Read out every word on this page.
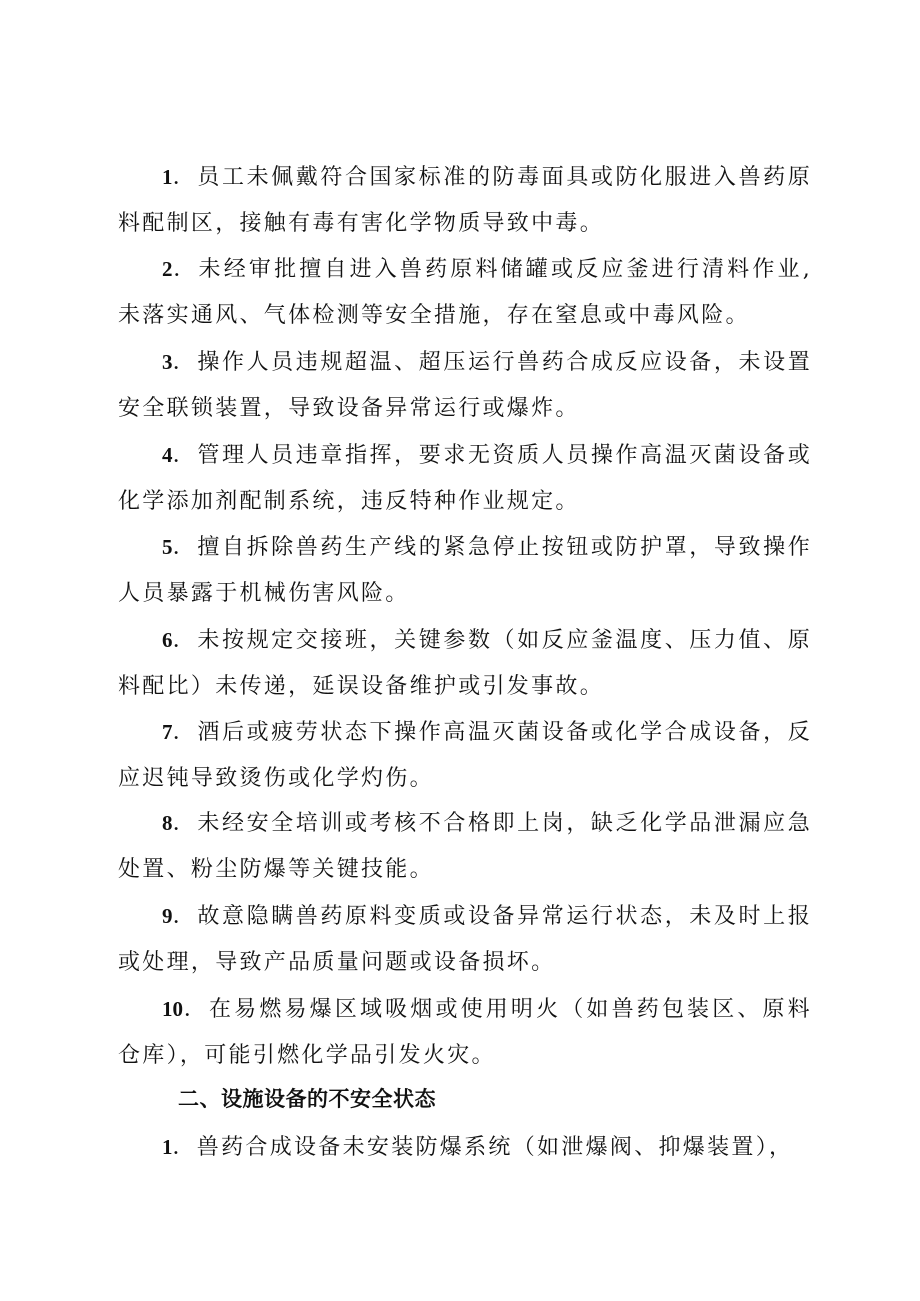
1．员工未佩戴符合国家标准的防毒面具或防化服进入兽药原料配制区，接触有毒有害化学物质导致中毒。

2．未经审批擅自进入兽药原料储罐或反应釜进行清料作业,未落实通风、气体检测等安全措施，存在窒息或中毒风险。

3．操作人员违规超温、超压运行兽药合成反应设备，未设置安全联锁装置，导致设备异常运行或爆炸。

4．管理人员违章指挥，要求无资质人员操作高温灭菌设备或化学添加剂配制系统，违反特种作业规定。

5．擅自拆除兽药生产线的紧急停止按钮或防护罩，导致操作人员暴露于机械伤害风险。

6．未按规定交接班，关键参数（如反应釜温度、压力值、原料配比）未传递，延误设备维护或引发事故。

7．酒后或疲劳状态下操作高温灭菌设备或化学合成设备，反应迟钝导致烫伤或化学灼伤。

8．未经安全培训或考核不合格即上岗，缺乏化学品泄漏应急处置、粉尘防爆等关键技能。

9．故意隐瞒兽药原料变质或设备异常运行状态，未及时上报或处理，导致产品质量问题或设备损坏。

10．在易燃易爆区域吸烟或使用明火（如兽药包装区、原料仓库），可能引燃化学品引发火灾。

二、设施设备的不安全状态

1．兽药合成设备未安装防爆系统（如泄爆阀、抑爆装置），
